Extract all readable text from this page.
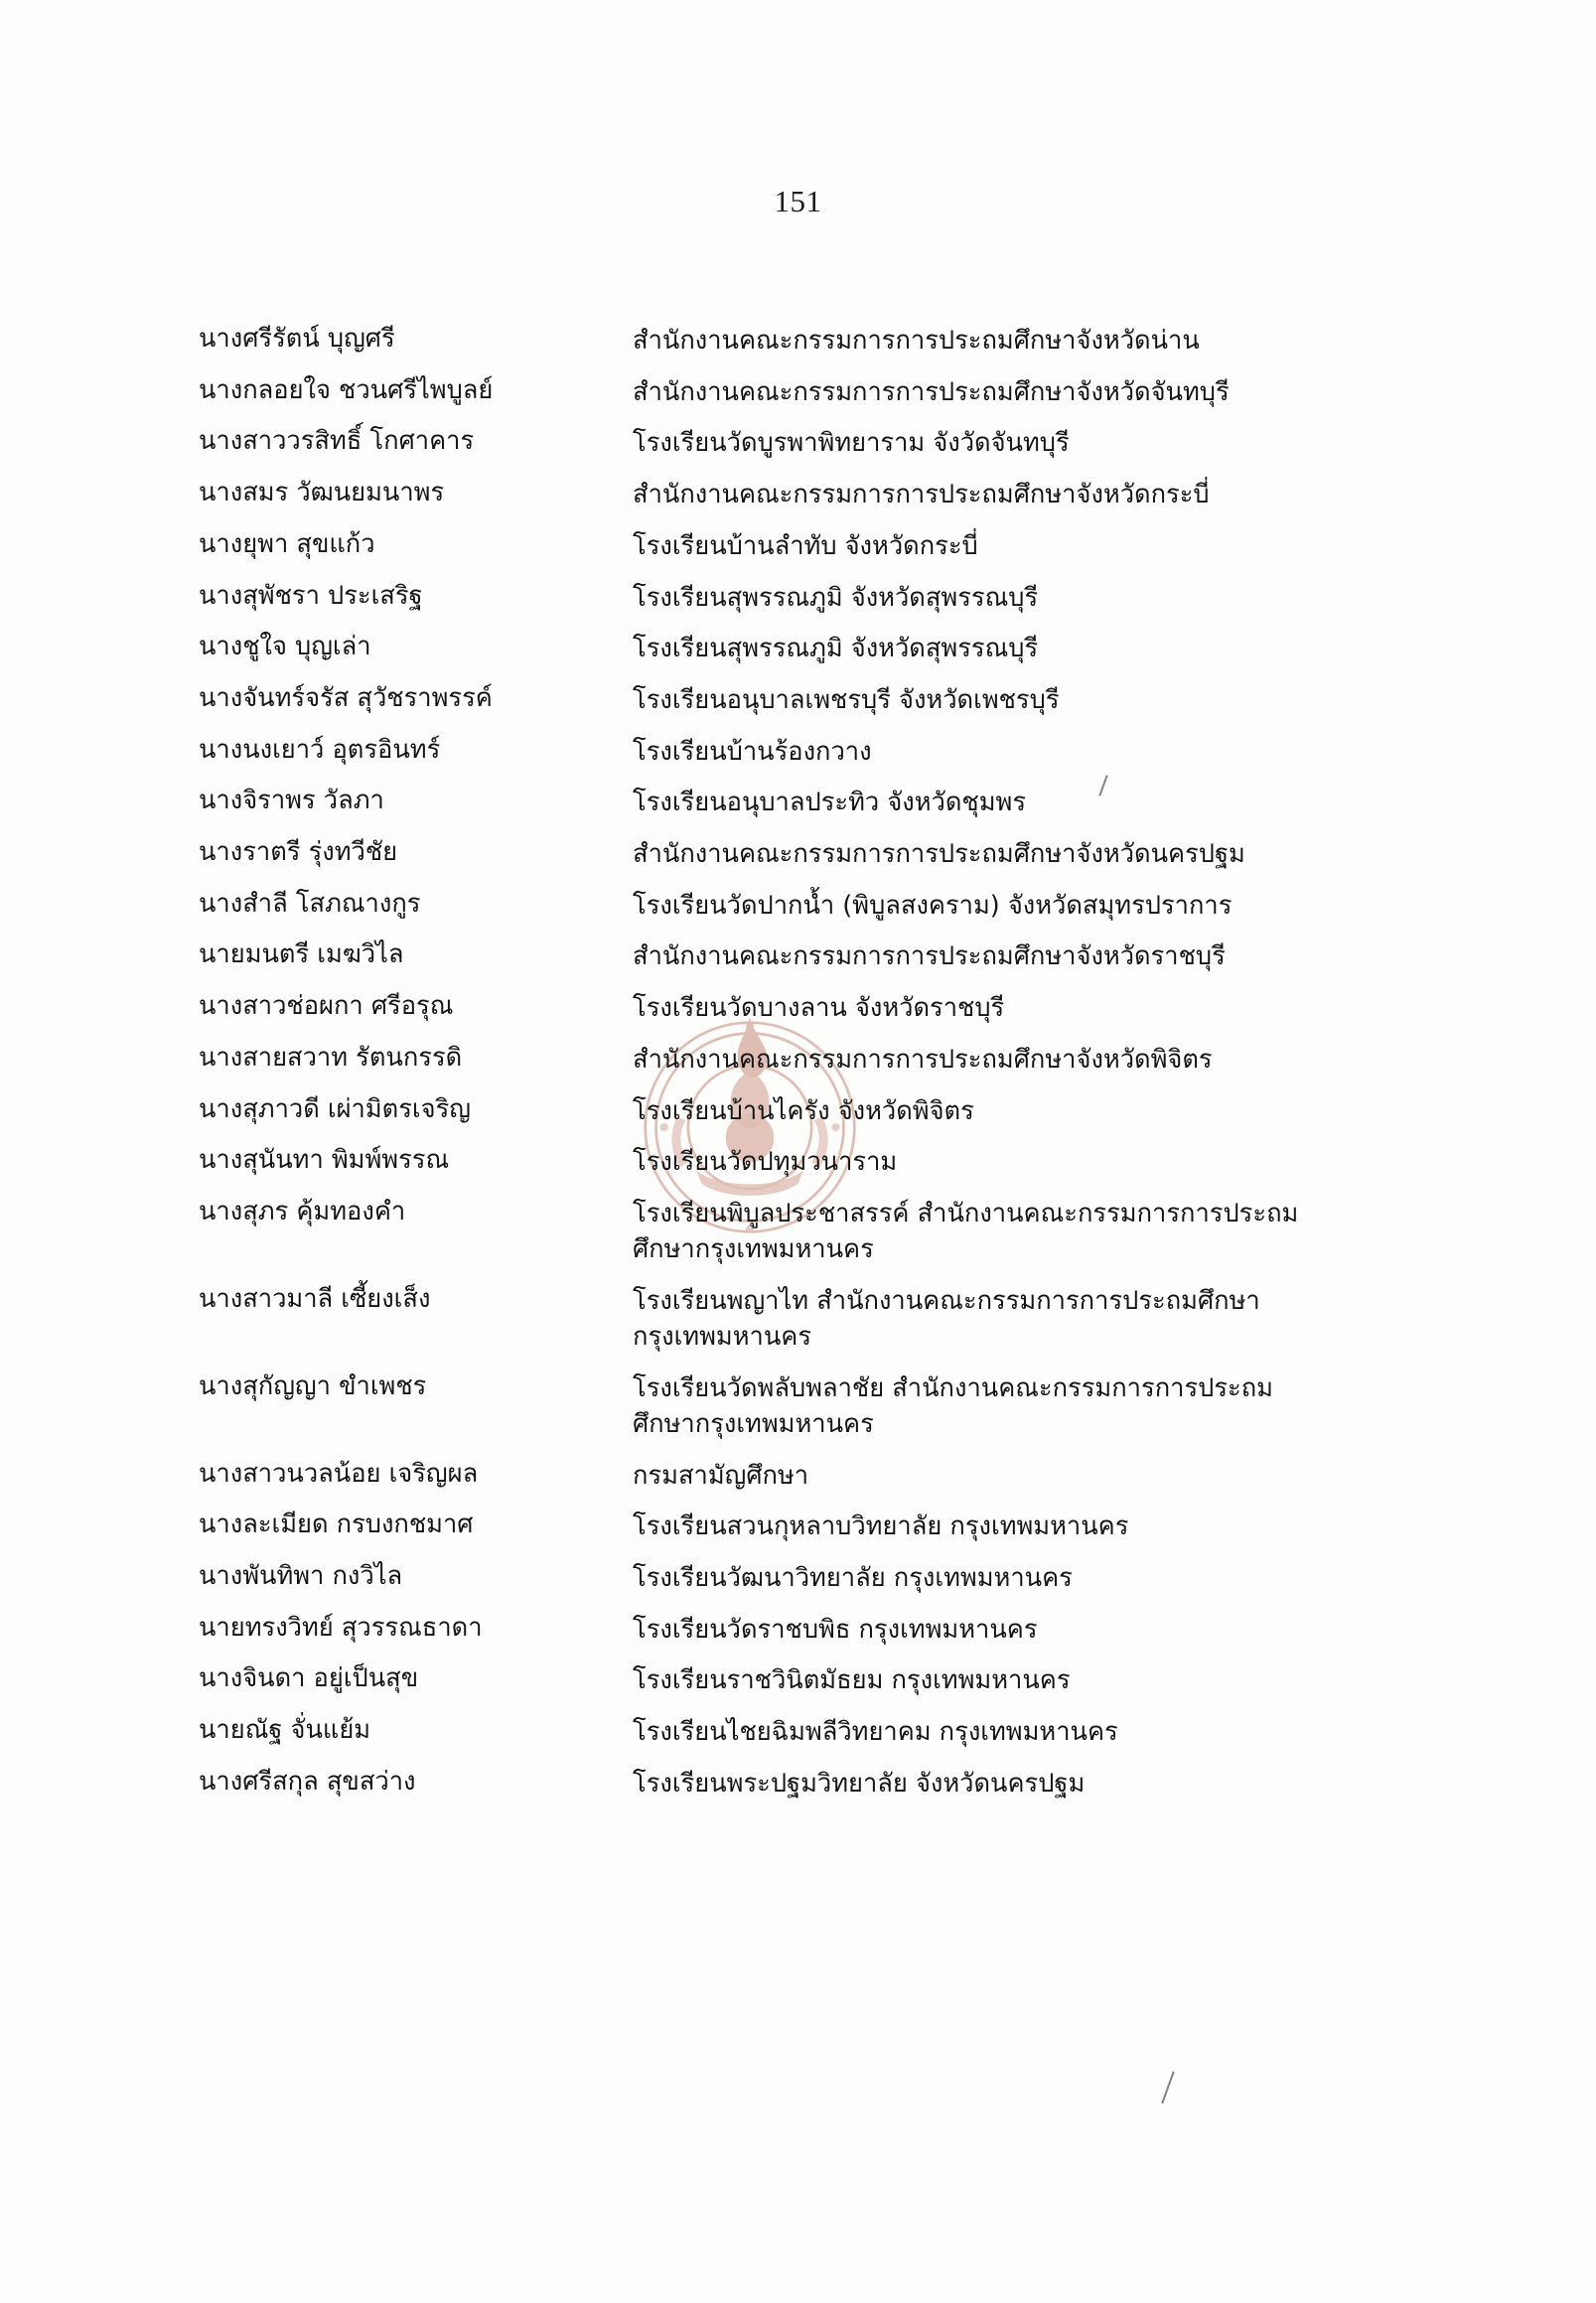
151
นางศรีรัตน์ บุญศรี	สำนักงานคณะกรรมการการประถมศึกษาจังหวัดน่าน
นางกลอยใจ ชวนศรีไพบูลย์	สำนักงานคณะกรรมการการประถมศึกษาจังหวัดจันทบุรี
นางสาววรสิทธิ์ โกศาคาร	โรงเรียนวัดบูรพาพิทยาราม จังวัดจันทบุรี
นางสมร วัฒนยมนาพร	สำนักงานคณะกรรมการการประถมศึกษาจังหวัดกระบี่
นางยุพา สุขแก้ว	โรงเรียนบ้านลำทับ จังหวัดกระบี่
นางสุพัชรา ประเสริฐ	โรงเรียนสุพรรณภูมิ จังหวัดสุพรรณบุรี
นางชูใจ บุญเล่า	โรงเรียนสุพรรณภูมิ จังหวัดสุพรรณบุรี
นางจันทร์จรัส สุวัชราพรรค์	โรงเรียนอนุบาลเพชรบุรี จังหวัดเพชรบุรี
นางนงเยาว์ อุตรอินทร์	โรงเรียนบ้านร้องกวาง
นางจิราพร วัลภา	โรงเรียนอนุบาลประทิว จังหวัดชุมพร
นางราตรี รุ่งทวีชัย	สำนักงานคณะกรรมการการประถมศึกษาจังหวัดนครปฐม
นางสำลี โสภณางกูร	โรงเรียนวัดปากน้ำ (พิบูลสงคราม) จังหวัดสมุทรปราการ
นายมนตรี เมฆวิไล	สำนักงานคณะกรรมการการประถมศึกษาจังหวัดราชบุรี
นางสาวช่อผกา ศรีอรุณ	โรงเรียนวัดบางลาน จังหวัดราชบุรี
นางสายสวาท รัตนกรรดิ	สำนักงานคณะกรรมการการประถมศึกษาจังหวัดพิจิตร
นางสุภาวดี เผ่ามิตรเจริญ	โรงเรียนบ้านไครัง จังหวัดพิจิตร
นางสุนันทา พิมพ์พรรณ	โรงเรียนวัดปทุมวนาราม
นางสุภร คุ้มทองคำ	โรงเรียนพิบูลประชาสรรค์ สำนักงานคณะกรรมการการประถม
ศึกษากรุงเทพมหานคร
นางสาวมาลี เซี้ยงเส็ง	โรงเรียนพญาไท สำนักงานคณะกรรมการการประถมศึกษา
กรุงเทพมหานคร
นางสุกัญญา ขำเพชร	โรงเรียนวัดพลับพลาชัย สำนักงานคณะกรรมการการประถม
ศึกษากรุงเทพมหานคร
นางสาวนวลน้อย เจริญผล	กรมสามัญศึกษา
นางละเมียด กรบงกชมาศ	โรงเรียนสวนกุหลาบวิทยาลัย กรุงเทพมหานคร
นางพันทิพา กงวิไล	โรงเรียนวัฒนาวิทยาลัย กรุงเทพมหานคร
นายทรงวิทย์ สุวรรณธาดา	โรงเรียนวัดราชบพิธ กรุงเทพมหานคร
นางจินดา อยู่เป็นสุข	โรงเรียนราชวินิตมัธยม กรุงเทพมหานคร
นายณัฐ จั่นแย้ม	โรงเรียนไชยฉิมพลีวิทยาคม กรุงเทพมหานคร
นางศรีสกุล สุขสว่าง	โรงเรียนพระปฐมวิทยาลัย จังหวัดนครปฐม
